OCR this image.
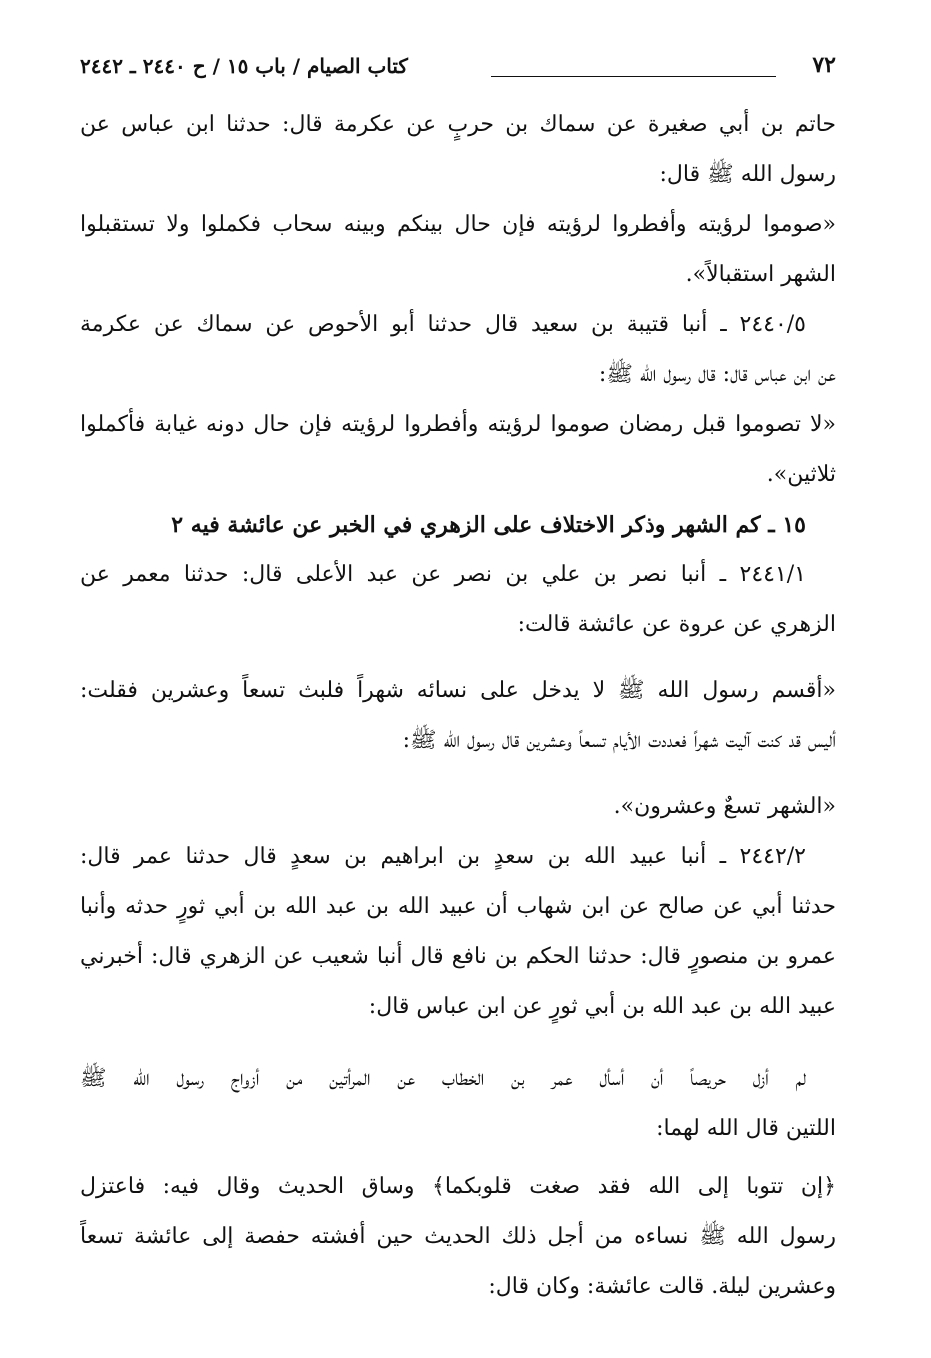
٧٢
كتاب الصيام / باب ١٥ / ح ٢٤٤٠ ـ ٢٤٤٢
حاتم بن أبي صغيرة عن سماك بن حربٍ عن عكرمة قال: حدثنا ابن عباس عن
رسول الله ﷺ قال:
«صوموا لرؤيته وأفطروا لرؤيته فإن حال بينكم وبينه سحاب فكملوا ولا تستقبلوا
الشهر استقبالاً».
٢٤٤٠/٥ ـ أنبا قتيبة بن سعيد قال حدثنا أبو الأحوص عن سماك عن عكرمة
عن ابن عباس قال: قال رسول الله ﷺ:
«لا تصوموا قبل رمضان صوموا لرؤيته وأفطروا لرؤيته فإن حال دونه غيابة فأكملوا
ثلاثين».
١٥ ـ كم الشهر وذكر الاختلاف على الزهري في الخبر عن عائشة فيه ٢
٢٤٤١/١ ـ أنبا نصر بن علي بن نصر عن عبد الأعلى قال: حدثنا معمر عن
الزهري عن عروة عن عائشة قالت:
«أقسم رسول الله ﷺ لا يدخل على نسائه شهراً فلبث تسعاً وعشرين فقلت:
أليس قد كنت آليت شهراً فعددت الأيام تسعاً وعشرين قال رسول الله ﷺ:
«الشهر تسعٌ وعشرون».
٢٤٤٢/٢ ـ أنبا عبيد الله بن سعدٍ بن ابراهيم بن سعدٍ قال حدثنا عمر قال:
حدثنا أبي عن صالح عن ابن شهاب أن عبيد الله بن عبد الله بن أبي ثورٍ حدثه وأنبا
عمرو بن منصورٍ قال: حدثنا الحكم بن نافع قال أنبا شعيب عن الزهري قال: أخبرني
عبيد الله بن عبد الله بن أبي ثورٍ عن ابن عباس قال:
لم أزل حريصاً أن أسأل عمر بن الخطاب عن المرأتين من أزواج رسول الله ﷺ
اللتين قال الله لهما:
﴿إن تتوبا إلى الله فقد صغت قلوبكما﴾ وساق الحديث وقال فيه: فاعتزل
رسول الله ﷺ نساءه من أجل ذلك الحديث حين أفشته حفصة إلى عائشة تسعاً
وعشرين ليلة. قالت عائشة: وكان قال:
